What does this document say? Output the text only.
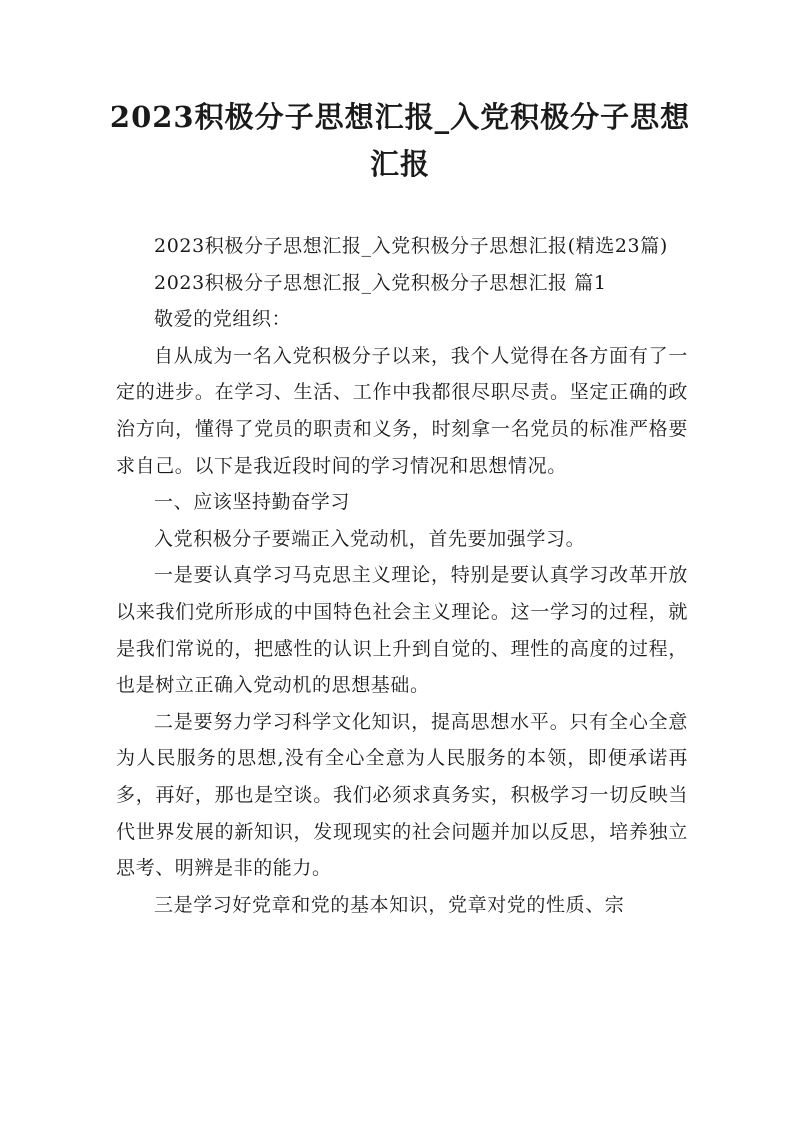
2023积极分子思想汇报_入党积极分子思想汇报

2023积极分子思想汇报_入党积极分子思想汇报(精选23篇)

2023积极分子思想汇报_入党积极分子思想汇报 篇1

敬爱的党组织：

自从成为一名入党积极分子以来，我个人觉得在各方面有了一定的进步。在学习、生活、工作中我都很尽职尽责。坚定正确的政治方向，懂得了党员的职责和义务，时刻拿一名党员的标准严格要求自己。以下是我近段时间的学习情况和思想情况。

一、应该坚持勤奋学习

入党积极分子要端正入党动机，首先要加强学习。

一是要认真学习马克思主义理论，特别是要认真学习改革开放以来我们党所形成的中国特色社会主义理论。这一学习的过程，就是我们常说的，把感性的认识上升到自觉的、理性的高度的过程，也是树立正确入党动机的思想基础。

二是要努力学习科学文化知识，提高思想水平。只有全心全意为人民服务的思想,没有全心全意为人民服务的本领，即便承诺再多，再好，那也是空谈。我们必须求真务实，积极学习一切反映当代世界发展的新知识，发现现实的社会问题并加以反思，培养独立思考、明辨是非的能力。

三是学习好党章和党的基本知识，党章对党的性质、宗
